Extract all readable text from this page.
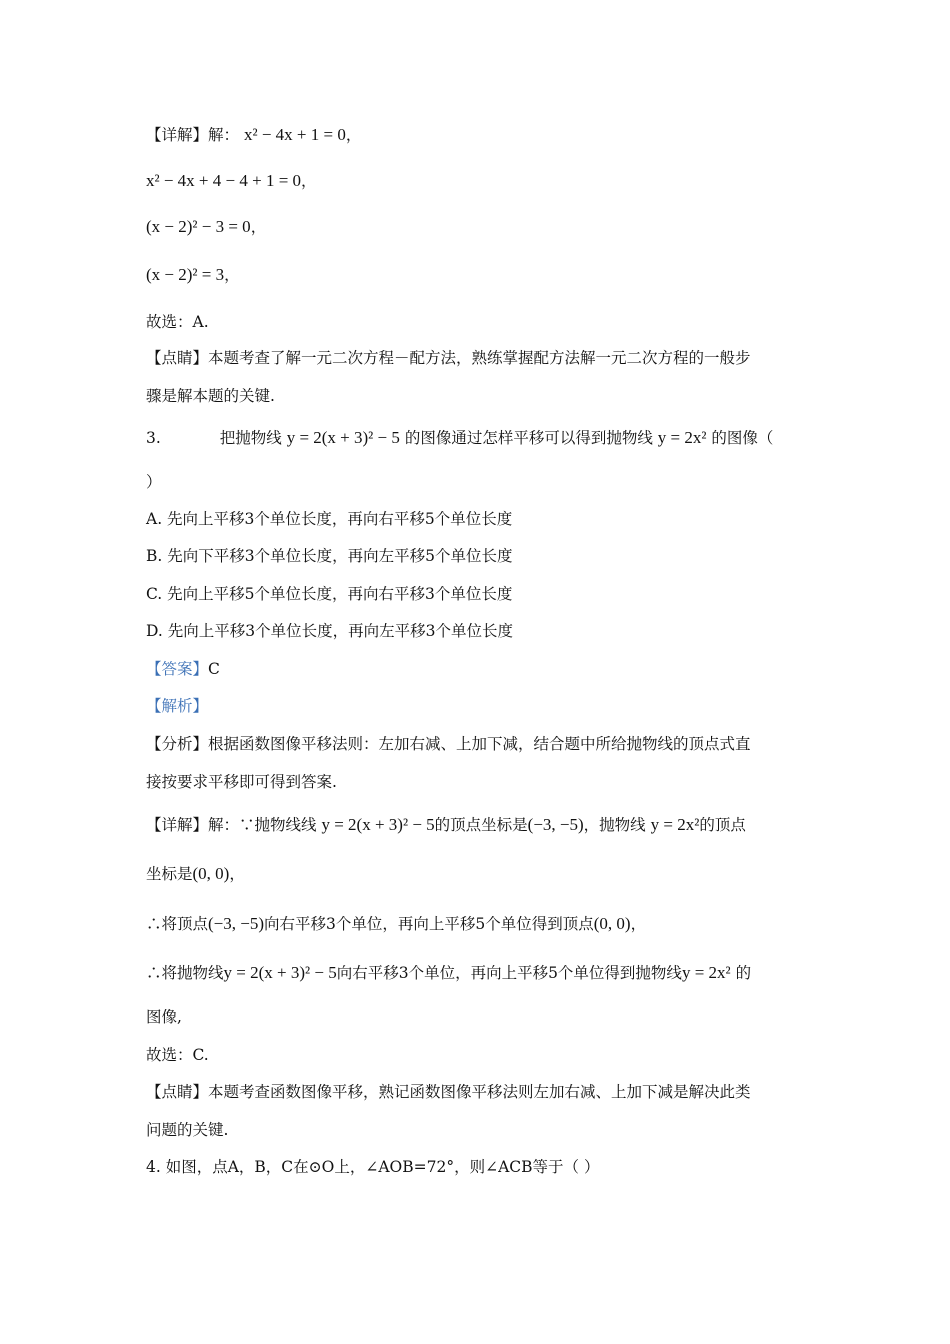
【详解】解： x² − 4x + 1 = 0，
x² − 4x + 4 − 4 + 1 = 0，
(x − 2)² − 3 = 0，
(x − 2)² = 3，
故选：A.
【点睛】本题考查了解一元二次方程－配方法，熟练掌握配方法解一元二次方程的一般步
骤是解本题的关键.
3.	把抛物线 y = 2(x + 3)² − 5 的图像通过怎样平移可以得到抛物线 y = 2x² 的图像（
）
A. 先向上平移3个单位长度，再向右平移5个单位长度
B. 先向下平移3个单位长度，再向左平移5个单位长度
C. 先向上平移5个单位长度，再向右平移3个单位长度
D. 先向上平移3个单位长度，再向左平移3个单位长度
【答案】C
【解析】
【分析】根据函数图像平移法则：左加右减、上加下减，结合题中所给抛物线的顶点式直
接按要求平移即可得到答案.
【详解】解：∵抛物线线 y = 2(x + 3)² − 5的顶点坐标是(−3, −5)，抛物线 y = 2x²的顶点
坐标是(0, 0)，
∴将顶点(−3, −5)向右平移3个单位，再向上平移5个单位得到顶点(0, 0)，
∴将抛物线y = 2(x + 3)² − 5向右平移3个单位，再向上平移5个单位得到抛物线y = 2x² 的
图像,
故选：C.
【点睛】本题考查函数图像平移，熟记函数图像平移法则左加右减、上加下减是解决此类
问题的关键.
4. 如图，点A，B，C在⊙O上，∠AOB=72°，则∠ACB等于（ ）
